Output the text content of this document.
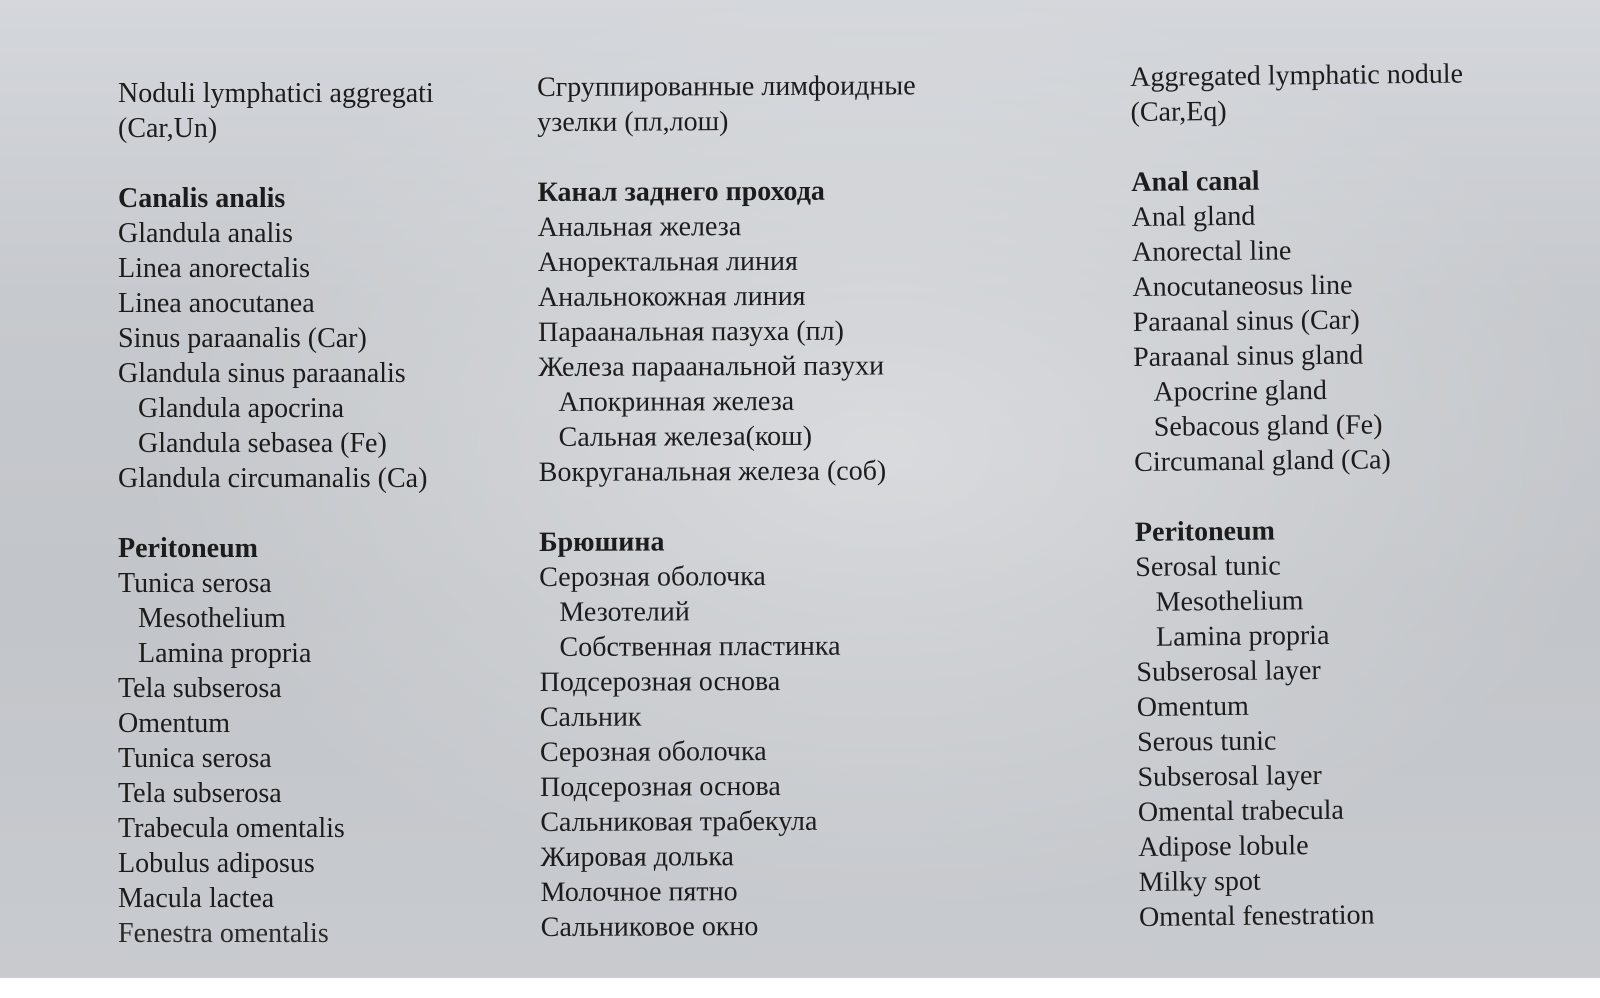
Noduli lymphatici aggregati
(Car,Un)
Canalis analis
Glandula analis
Linea anorectalis
Linea anocutanea
Sinus paraanalis (Car)
Glandula sinus paraanalis
Glandula apocrina
Glandula sebasea (Fe)
Glandula circumanalis (Ca)
Peritoneum
Tunica serosa
Mesothelium
Lamina propria
Tela subserosa
Omentum
Tunica serosa
Tela subserosa
Trabecula omentalis
Lobulus adiposus
Macula lactea
Fenestra omentalis
Сгруппированные лимфоидные
узелки (пл,лош)
Канал заднего прохода
Анальная железа
Аноректальная линия
Анальнокожная линия
Параанальная пазуха (пл)
Железа параанальной пазухи
Апокринная железа
Сальная железа(кош)
Вокруганальная железа (соб)
Брюшина
Серозная оболочка
Мезотелий
Собственная пластинка
Подсерозная основа
Сальник
Серозная оболочка
Подсерозная основа
Сальниковая трабекула
Жировая долька
Молочное пятно
Сальниковое окно
Aggregated lymphatic nodule
(Car,Eq)
Anal canal
Anal gland
Anorectal line
Anocutaneosus line
Paraanal sinus (Car)
Paraanal sinus gland
Apocrine gland
Sebacous gland (Fe)
Circumanal gland (Ca)
Peritoneum
Serosal tunic
Mesothelium
Lamina propria
Subserosal layer
Omentum
Serous tunic
Subserosal layer
Omental trabecula
Adipose lobule
Milky spot
Omental fenestration
